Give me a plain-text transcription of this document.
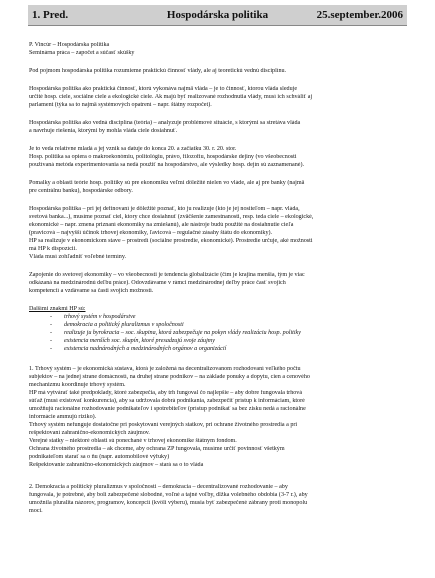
1. Pred.	Hospodárska politika	25.september.2006
P. Vincúr – Hospodárska politika
Seminárna práca – započet a súčasť skúšky
Pod pojmom hospodárska politika rozumieme praktickú činnosť vlády, ale aj teoretickú vednú disciplínu.
Hospodárska politika ako praktická činnosť, ktorú vykonáva najmä vláda – je to činnosť, ktorou vláda sleduje
určité hosp. ciele, sociálne ciele a ekologické ciele. Ak majú byť realizované rozhodnutia vlády, musí ich schváliť aj
parlament (týka sa to najmä systémových opatrení – napr. štátny rozpočet).
Hospodárska politika ako vedná disciplína (teória) – analyzuje problémové situácie, s ktorými sa stretáva vláda
a navrhuje riešenia, ktorými by mohla vláda ciele dosiahnuť.
Je to veda relatívne mladá a jej vznik sa datuje do konca 20. a začiatku 30. r. 20. stor.
Hosp. politika sa opiera o makroekonómiu, politológiu, právo, filozofiu, hospodárske dejiny (vo všeobecnosti
používaná metóda experimentovania sa nedá použiť na hospodárstvo, ale výsledky hosp. dejín sú zaznamenané).
Pomalky a oblasti teórie hosp. politiky sú pre ekonomiku veľmi dôležité nielen vo vláde, ale aj pre banky (najmä
pre centrálnu banku), hospodárske odbory.
Hospodárska politika – pri jej definovaní je dôležité poznať, kto ju realizuje (kto je jej nositeľom – napr. vláda,
svetová banka...), musíme poznať ciel, ktory chce dosiahnuť (zväčšenie zamestnanosti, resp. teda ciele – ekologické,
ekonomické – napr. zmena priznaní ekonomiky na zmiešanú), ale nástroje budú použité na dosiahnutie cieľa
(pravicová – najvyšší účinok trhovej ekonomiky, ľavicová – regulačné zásahy štátu do ekonomiky).
HP sa realizuje v ekonomickom stave – prostredí (sociálne prostredie, ekonomické). Prostredie určuje, aké možnosti
má HP k dispozícii.
Vláda musí zohľadniť voľebné termíny.
Zapojenie do svetovej ekonomiky – vo všeobecnosti je tendencia globalizácie (čím je krajina menšia, tým je viac
odkázaná na medzinárodnú deľbu práce). Odovzdávame v rámci medzinárodnej deľby práce časť svojich
kompetencií a vzdávame sa časti svojich možností.
Ďalšími znakmi HP sú:
- trhový systém v hospodárstve
- demokracia a politický pluralizmus v spoločnosti
- realizuje ju byrokracia – soc. skupina, ktorá zabezpečuje na pokyn vlády realizáciu hosp. politiky
- existencia menších soc. skupín, ktoré presadzujú svoje záujmy
- existencia nadnárodných a medzinárodných orgánov a organizácií
1. Trhový systém – je ekonomická sústava, ktorá je založená na decentralizovanom rozhodovaní veľkého počtu
subjektov – na jednej strane domácností, na druhej strane podnikov – na základe ponuky a dopytu, cien a cenového
mechanizmu koordinuje trhový systém.
HP má vytvárať také predpoklady, ktoré zabezpečia, aby trh fungoval čo najlepšie – aby dobre fungovala trhová
súťaž (musí existovať konkurencia), aby sa udržovala dobrá podnikania, zabezpečiť prístup k informáciam, ktoré
umožňujú racionálne rozhodovanie podnikateľov i spotrebiteľov (prístup podnikať sa bez zisku nedá a racionálne
informácie ammujú riziko).
Trhový systém nefunguje dostatočne pri poskytovaní verejných statkov, pri ochrane životného prostredia a pri
rešpektovaní zahranično-ekonomických záujmov.
Verejné statky – niektoré oblasti sú ponechané v trhovej ekonomike štátnym fondom.
Ochrana životného prostredia – ak chceme, aby ochrana ŽP fungovala, musíme určiť povinnosť všetkým
podnikateľom starať sa o ňu (napr. automobilové výfuky)
Rešpektovanie zahranično-ekonomických záujmov – stará sa o to vláda
2. Demokracia a politický pluralizmus v spoločnosti – demokracia – decentralizované rozhodovanie – aby
fungovala, je potrebné, aby boli zabezpečené slobodné, voľné a tajné voľby, dĺžka volebného obdobia (3-7 r.), aby
umožnila pluralita názorov, programov, koncepcií (kvôli výberu), musia byť zabezpečené zábrany proti monopolu
moci.
